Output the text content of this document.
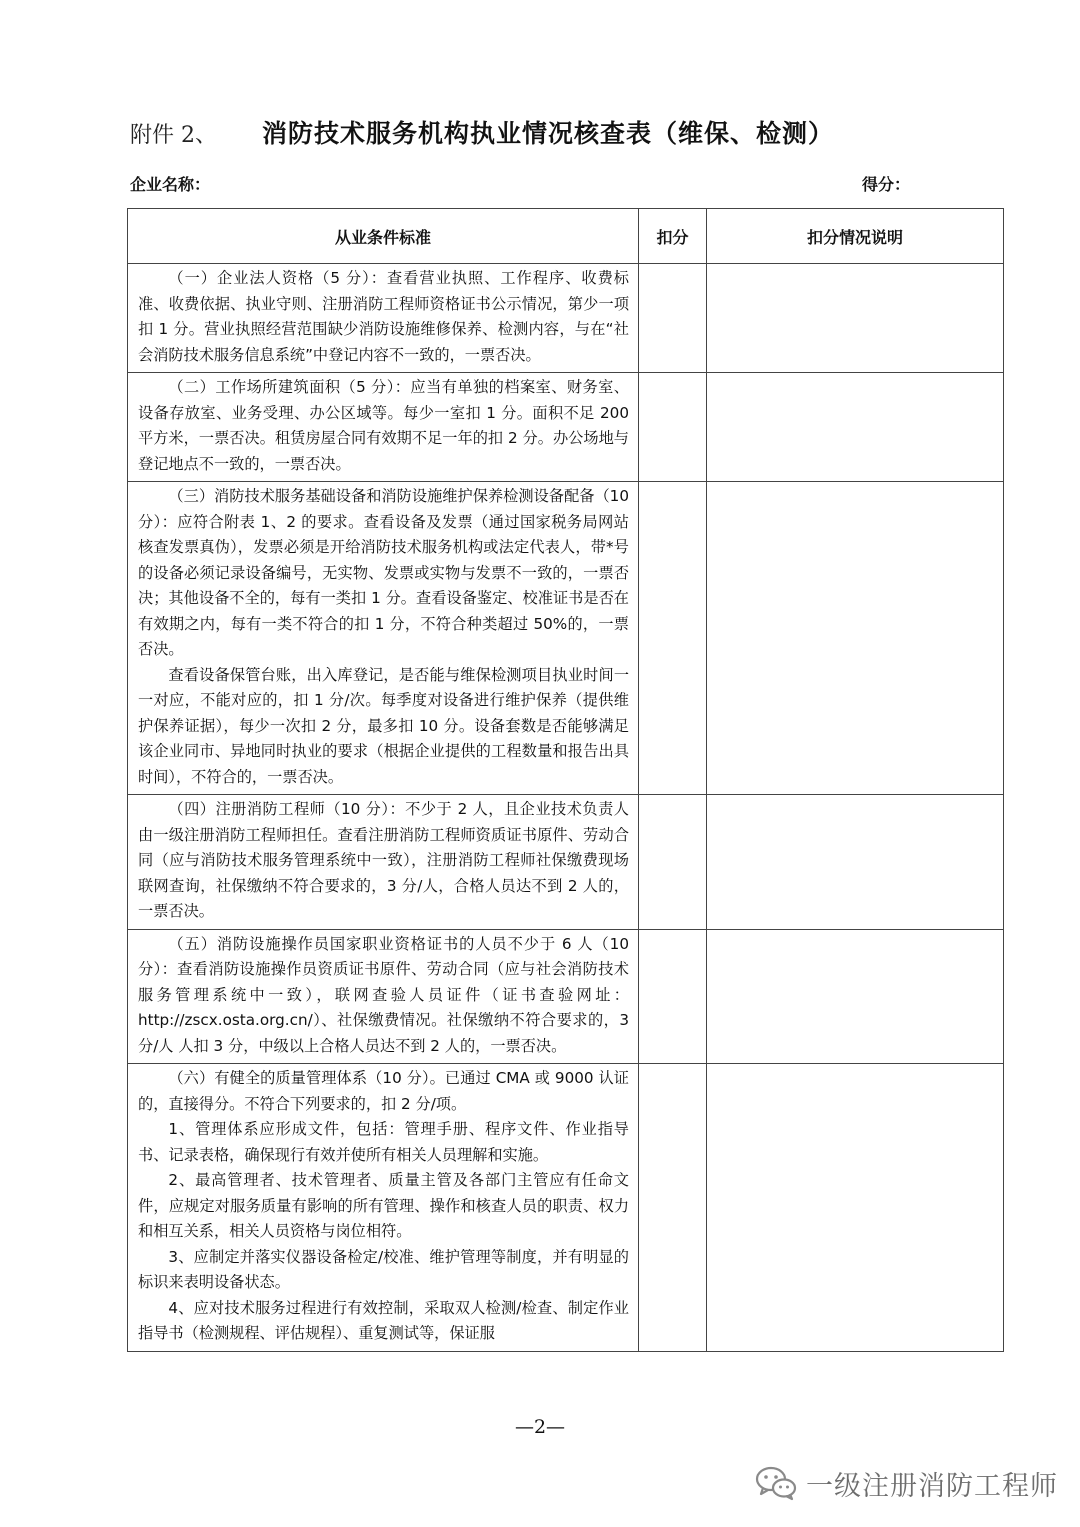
附件 2、 消防技术服务机构执业情况核查表（维保、检测）
企业名称：	得分：
从业条件标准	扣分	扣分情况说明

（一）企业法人资格（5 分）：查看营业执照、工作程序、收费标准、收费依据、执业守则、注册消防工程师资格证书公示情况，第少一项扣 1 分。营业执照经营范围缺少消防设施维修保养、检测内容，与在“社会消防技术服务信息系统”中登记内容不一致的，一票否决。		

（二）工作场所建筑面积（5 分）：应当有单独的档案室、财务室、设备存放室、业务受理、办公区域等。每少一室扣 1 分。面积不足 200 平方米，一票否决。租赁房屋合同有效期不足一年的扣 2 分。办公场地与登记地点不一致的，一票否决。		

（三）消防技术服务基础设备和消防设施维护保养检测设备配备（10 分）：应符合附表 1、2 的要求。查看设备及发票（通过国家税务局网站核查发票真伪），发票必须是开给消防技术服务机构或法定代表人，带*号的设备必须记录设备编号，无实物、发票或实物与发票不一致的，一票否决；其他设备不全的，每有一类扣 1 分。查看设备鉴定、校准证书是否在有效期之内，每有一类不符合的扣 1 分，不符合种类超过 50%的，一票否决。

查看设备保管台账，出入库登记，是否能与维保检测项目执业时间一一对应，不能对应的，扣 1 分/次。每季度对设备进行维护保养（提供维护保养证据），每少一次扣 2 分，最多扣 10 分。设备套数是否能够满足该企业同市、异地同时执业的要求（根据企业提供的工程数量和报告出具时间），不符合的，一票否决。		

（四）注册消防工程师（10 分）：不少于 2 人，且企业技术负责人由一级注册消防工程师担任。查看注册消防工程师资质证书原件、劳动合同（应与消防技术服务管理系统中一致），注册消防工程师社保缴费现场联网查询，社保缴纳不符合要求的，3 分/人，合格人员达不到 2 人的，一票否决。		

（五）消防设施操作员国家职业资格证书的人员不少于 6 人（10 分）：查看消防设施操作员资质证书原件、劳动合同（应与社会消防技术服务管理系统中一致），联网查验人员证件（证书查验网址：http://zscx.osta.org.cn/）、社保缴费情况。社保缴纳不符合要求的，3 分/人 人扣 3 分，中级以上合格人员达不到 2 人的，一票否决。		

（六）有健全的质量管理体系（10 分）。已通过 CMA 或 9000 认证的，直接得分。不符合下列要求的，扣 2 分/项。

1、管理体系应形成文件，包括：管理手册、程序文件、作业指导书、记录表格，确保现行有效并使所有相关人员理解和实施。

2、最高管理者、技术管理者、质量主管及各部门主管应有任命文件，应规定对服务质量有影响的所有管理、操作和核查人员的职责、权力和相互关系，相关人员资格与岗位相符。

3、应制定并落实仪器设备检定/校准、维护管理等制度，并有明显的标识来表明设备状态。

4、应对技术服务过程进行有效控制，采取双人检测/检查、制定作业指导书（检测规程、评估规程）、重复测试等，保证服		

—2—
一级注册消防工程师
